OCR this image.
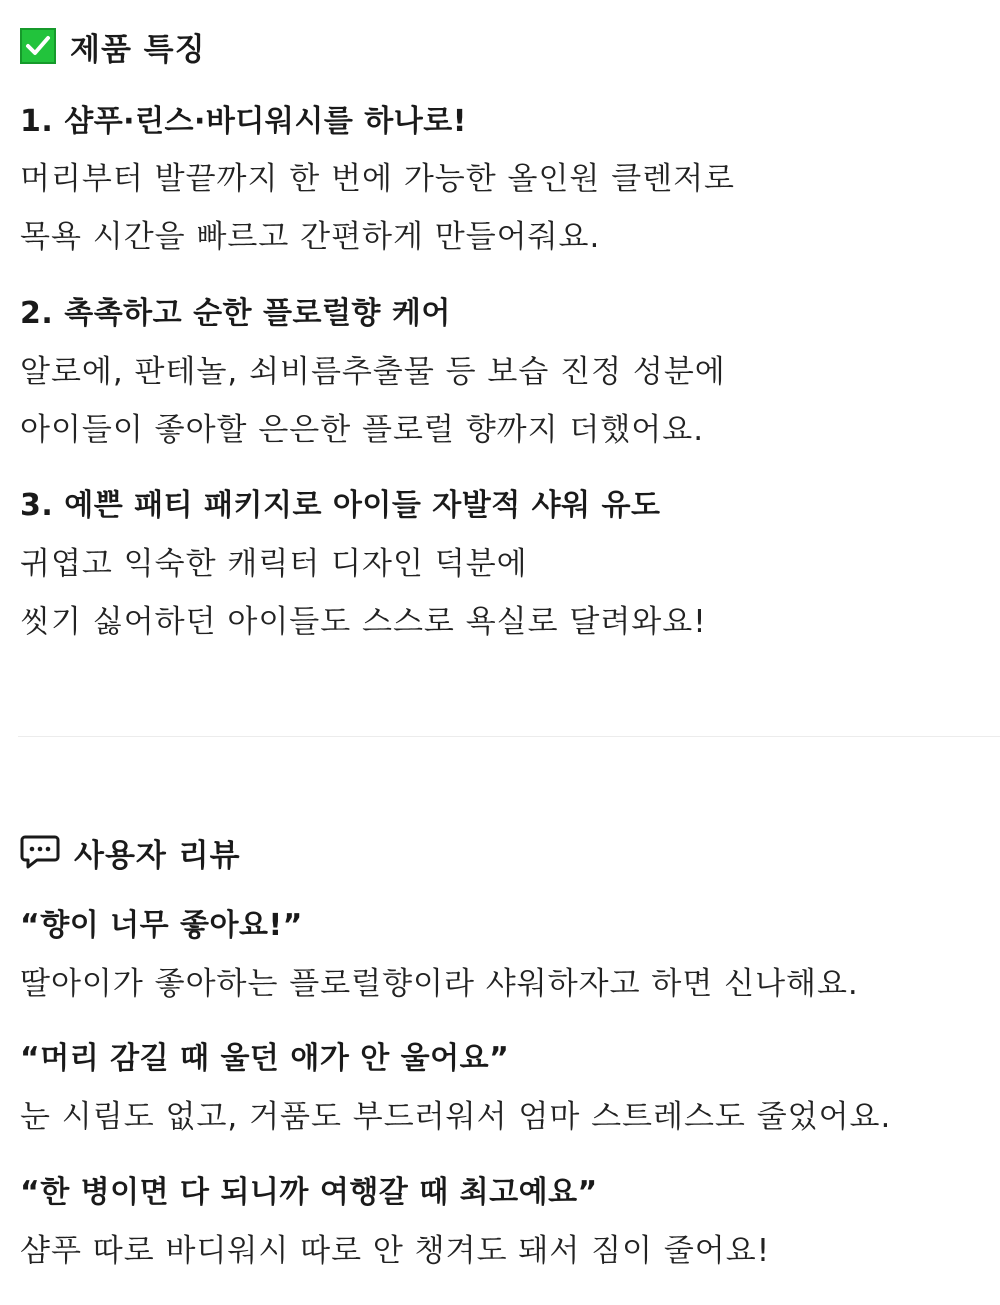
제품 특징
1. 샴푸·린스·바디워시를 하나로!
머리부터 발끝까지 한 번에 가능한 올인원 클렌저로
목욕 시간을 빠르고 간편하게 만들어줘요.
2. 촉촉하고 순한 플로럴향 케어
알로에, 판테놀, 쇠비름추출물 등 보습 진정 성분에
아이들이 좋아할 은은한 플로럴 향까지 더했어요.
3. 예쁜 패티 패키지로 아이들 자발적 샤워 유도
귀엽고 익숙한 캐릭터 디자인 덕분에
씻기 싫어하던 아이들도 스스로 욕실로 달려와요!
사용자 리뷰
“향이 너무 좋아요!”
딸아이가 좋아하는 플로럴향이라 샤워하자고 하면 신나해요.
“머리 감길 때 울던 애가 안 울어요”
눈 시림도 없고, 거품도 부드러워서 엄마 스트레스도 줄었어요.
“한 병이면 다 되니까 여행갈 때 최고예요”
샴푸 따로 바디워시 따로 안 챙겨도 돼서 짐이 줄어요!
